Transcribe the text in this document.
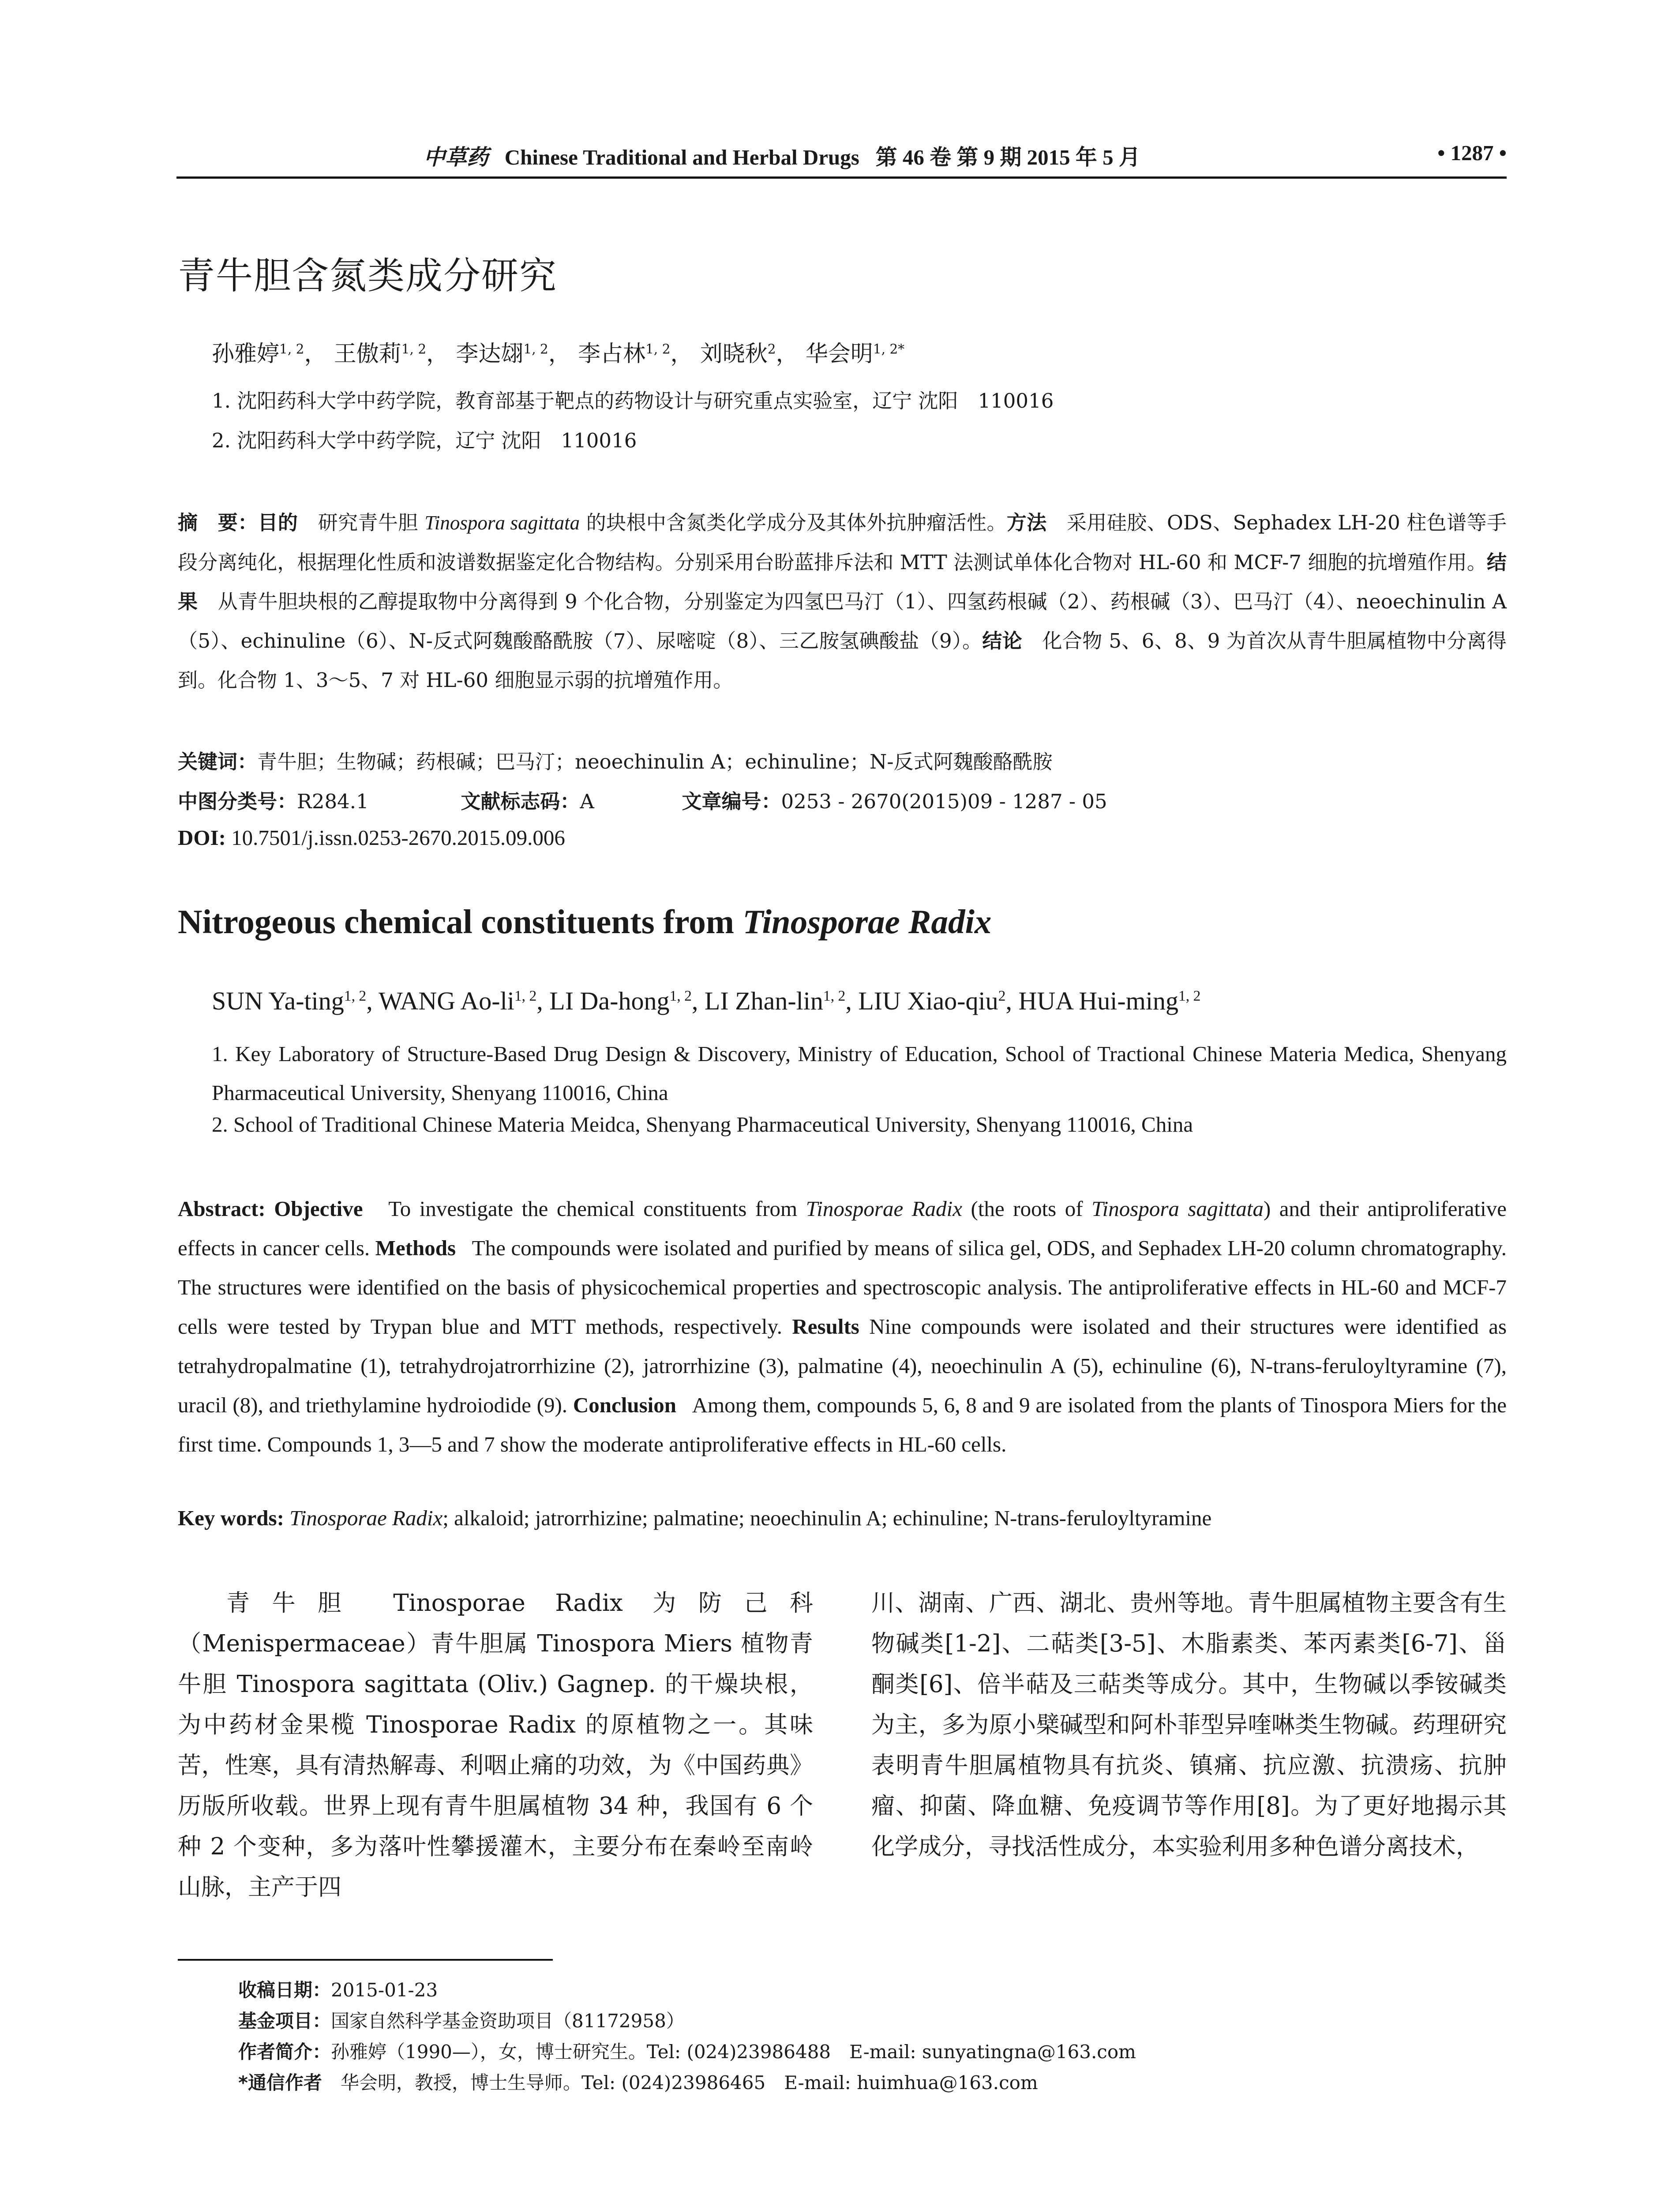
中草药 Chinese Traditional and Herbal Drugs 第 46 卷 第 9 期 2015 年 5 月	• 1287 •
青牛胆含氮类成分研究
孙雅婷$^{1, 2}$， 王傲莉$^{1, 2}$， 李达翃$^{1, 2}$， 李占林$^{1, 2}$， 刘晓秋$^2$， 华会明$^{1, 2*}$
1. 沈阳药科大学中药学院，教育部基于靶点的药物设计与研究重点实验室，辽宁 沈阳　110016
2. 沈阳药科大学中药学院，辽宁 沈阳　110016
摘　要：目的　 研究青牛胆 Tinospora sagittata 的块根中含氮类化学成分及其体外抗肿瘤活性。方法　 采用硅胶、ODS、Sephadex LH-20 柱色谱等手段分离纯化，根据理化性质和波谱数据鉴定化合物结构。分别采用台盼蓝排斥法和 MTT 法测试单体化合物对 HL-60 和 MCF-7 细胞的抗增殖作用。结果　 从青牛胆块根的乙醇提取物中分离得到 9 个化合物，分别鉴定为四氢巴马汀（1）、四氢药根碱（2）、药根碱（3）、巴马汀（4）、neoechinulin A（5）、echinuline（6）、N-反式阿魏酸酪酰胺（7）、尿嘧啶（8）、三乙胺氢碘酸盐（9）。结论　 化合物 5、6、8、9 为首次从青牛胆属植物中分离得到。化合物 1、3～5、7 对 HL-60 细胞显示弱的抗增殖作用。
关键词：青牛胆；生物碱；药根碱；巴马汀；neoechinulin A；echinuline；N-反式阿魏酸酪酰胺
中图分类号：R284.1	文献标志码：A	文章编号：0253 - 2670(2015)09 - 1287 - 05
DOI: 10.7501/j.issn.0253-2670.2015.09.006
Nitrogeous chemical constituents from Tinosporae Radix
SUN Ya-ting$^{1, 2}$, WANG Ao-li$^{1, 2}$, LI Da-hong$^{1, 2}$, LI Zhan-lin$^{1, 2}$, LIU Xiao-qiu$^2$, HUA Hui-ming$^{1, 2}$
1. Key Laboratory of Structure-Based Drug Design & Discovery, Ministry of Education, School of Tractional Chinese Materia Medica, Shenyang Pharmaceutical University, Shenyang 110016, China
2. School of Traditional Chinese Materia Meidca, Shenyang Pharmaceutical University, Shenyang 110016, China
Abstract: Objective To investigate the chemical constituents from Tinosporae Radix (the roots of Tinospora sagittata) and their antiproliferative effects in cancer cells. Methods The compounds were isolated and purified by means of silica gel, ODS, and Sephadex LH-20 column chromatography. The structures were identified on the basis of physicochemical properties and spectroscopic analysis. The antiproliferative effects in HL-60 and MCF-7 cells were tested by Trypan blue and MTT methods, respectively. Results Nine compounds were isolated and their structures were identified as tetrahydropalmatine (1), tetrahydrojatrorrhizine (2), jatrorrhizine (3), palmatine (4), neoechinulin A (5), echinuline (6), N-trans-feruloyltyramine (7), uracil (8), and triethylamine hydroiodide (9). Conclusion Among them, compounds 5, 6, 8 and 9 are isolated from the plants of Tinospora Miers for the first time. Compounds 1, 3—5 and 7 show the moderate antiproliferative effects in HL-60 cells.
Key words: Tinosporae Radix; alkaloid; jatrorrhizine; palmatine; neoechinulin A; echinuline; N-trans-feruloyltyramine
青牛胆 Tinosporae Radix 为防己科（Menispermaceae）青牛胆属 Tinospora Miers 植物青牛胆 Tinospora sagittata (Oliv.) Gagnep. 的干燥块根，为中药材金果榄 Tinosporae Radix 的原植物之一。其味苦，性寒，具有清热解毒、利咽止痛的功效，为《中国药典》历版所收载。世界上现有青牛胆属植物 34 种，我国有 6 个种 2 个变种，多为落叶性攀援灌木，主要分布在秦岭至南岭山脉，主产于四
川、湖南、广西、湖北、贵州等地。青牛胆属植物主要含有生物碱类[1-2]、二萜类[3-5]、木脂素类、苯丙素类[6-7]、甾酮类[6]、倍半萜及三萜类等成分。其中，生物碱以季铵碱类为主，多为原小檗碱型和阿朴菲型异喹啉类生物碱。药理研究表明青牛胆属植物具有抗炎、镇痛、抗应激、抗溃疡、抗肿瘤、抑菌、降血糖、免疫调节等作用[8]。为了更好地揭示其化学成分，寻找活性成分，本实验利用多种色谱分离技术，
收稿日期：2015-01-23
基金项目：国家自然科学基金资助项目（81172958）
作者简介：孙雅婷（1990—），女，博士研究生。Tel: (024)23986488　E-mail: sunyatingna@163.com
*通信作者　华会明，教授，博士生导师。Tel: (024)23986465　E-mail: huimhua@163.com
